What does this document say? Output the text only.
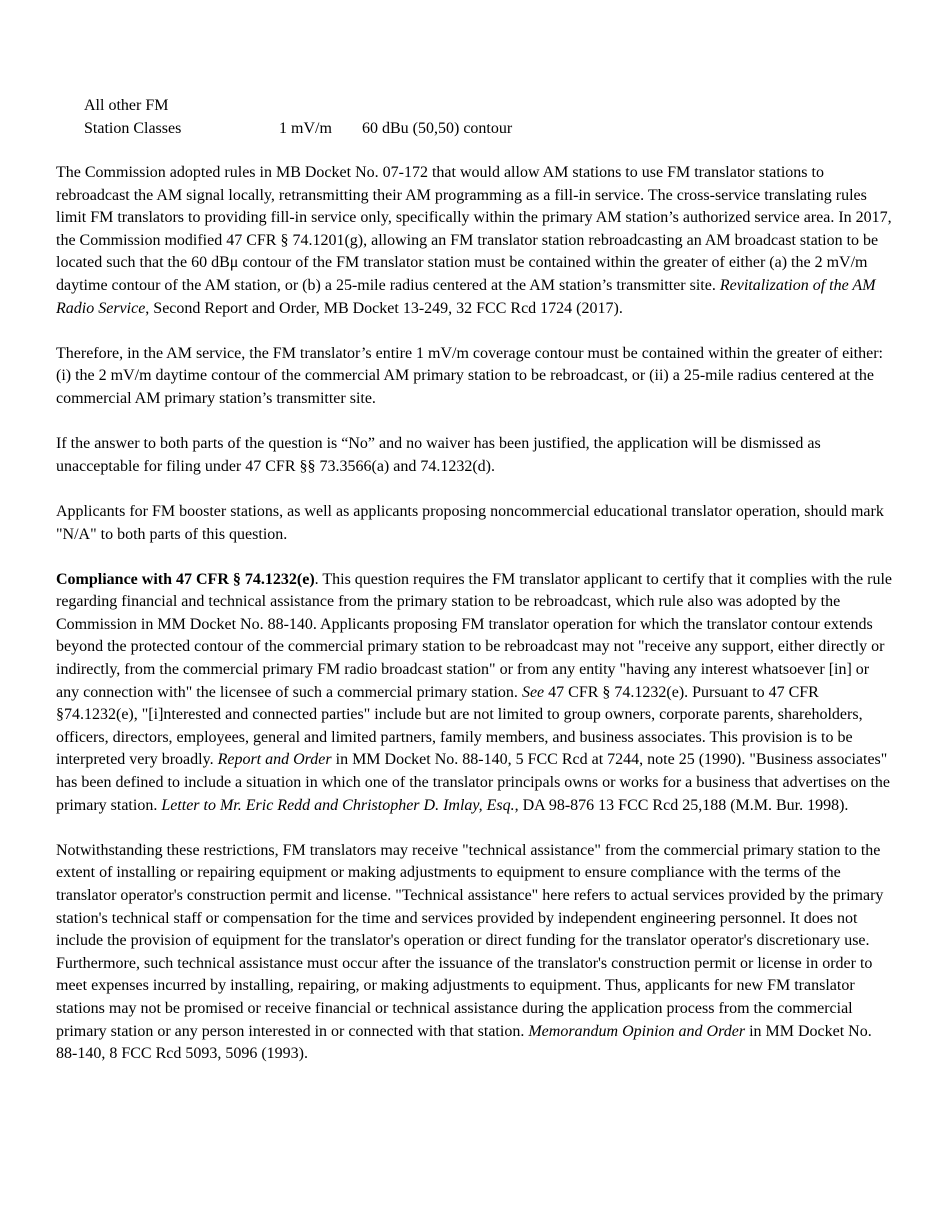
All other FM
Station Classes	1 mV/m 60 dBu (50,50) contour

The Commission adopted rules in MB Docket No. 07-172 that would allow AM stations to use FM translator stations to rebroadcast the AM signal locally, retransmitting their AM programming as a fill-in service. The cross-service translating rules limit FM translators to providing fill-in service only, specifically within the primary AM station’s authorized service area. In 2017, the Commission modified 47 CFR § 74.1201(g), allowing an FM translator station rebroadcasting an AM broadcast station to be located such that the 60 dBμ contour of the FM translator station must be contained within the greater of either (a) the 2 mV/m daytime contour of the AM station, or (b) a 25-mile radius centered at the AM station’s transmitter site. Revitalization of the AM Radio Service, Second Report and Order, MB Docket 13-249, 32 FCC Rcd 1724 (2017).

Therefore, in the AM service, the FM translator’s entire 1 mV/m coverage contour must be contained within the greater of either: (i) the 2 mV/m daytime contour of the commercial AM primary station to be rebroadcast, or (ii) a 25-mile radius centered at the commercial AM primary station’s transmitter site.

If the answer to both parts of the question is “No” and no waiver has been justified, the application will be dismissed as unacceptable for filing under 47 CFR §§ 73.3566(a) and 74.1232(d).

Applicants for FM booster stations, as well as applicants proposing noncommercial educational translator operation, should mark "N/A" to both parts of this question.

Compliance with 47 CFR § 74.1232(e). This question requires the FM translator applicant to certify that it complies with the rule regarding financial and technical assistance from the primary station to be rebroadcast, which rule also was adopted by the Commission in MM Docket No. 88-140. Applicants proposing FM translator operation for which the translator contour extends beyond the protected contour of the commercial primary station to be rebroadcast may not "receive any support, either directly or indirectly, from the commercial primary FM radio broadcast station" or from any entity "having any interest whatsoever [in] or any connection with" the licensee of such a commercial primary station. See 47 CFR § 74.1232(e). Pursuant to 47 CFR §74.1232(e), "[i]nterested and connected parties" include but are not limited to group owners, corporate parents, shareholders, officers, directors, employees, general and limited partners, family members, and business associates. This provision is to be interpreted very broadly. Report and Order in MM Docket No. 88-140, 5 FCC Rcd at 7244, note 25 (1990). "Business associates" has been defined to include a situation in which one of the translator principals owns or works for a business that advertises on the primary station. Letter to Mr. Eric Redd and Christopher D. Imlay, Esq., DA 98-876 13 FCC Rcd 25,188 (M.M. Bur. 1998).

Notwithstanding these restrictions, FM translators may receive "technical assistance" from the commercial primary station to the extent of installing or repairing equipment or making adjustments to equipment to ensure compliance with the terms of the translator operator's construction permit and license. "Technical assistance" here refers to actual services provided by the primary station's technical staff or compensation for the time and services provided by independent engineering personnel. It does not include the provision of equipment for the translator's operation or direct funding for the translator operator's discretionary use. Furthermore, such technical assistance must occur after the issuance of the translator's construction permit or license in order to meet expenses incurred by installing, repairing, or making adjustments to equipment. Thus, applicants for new FM translator stations may not be promised or receive financial or technical assistance during the application process from the commercial primary station or any person interested in or connected with that station. Memorandum Opinion and Order in MM Docket No. 88-140, 8 FCC Rcd 5093, 5096 (1993).
